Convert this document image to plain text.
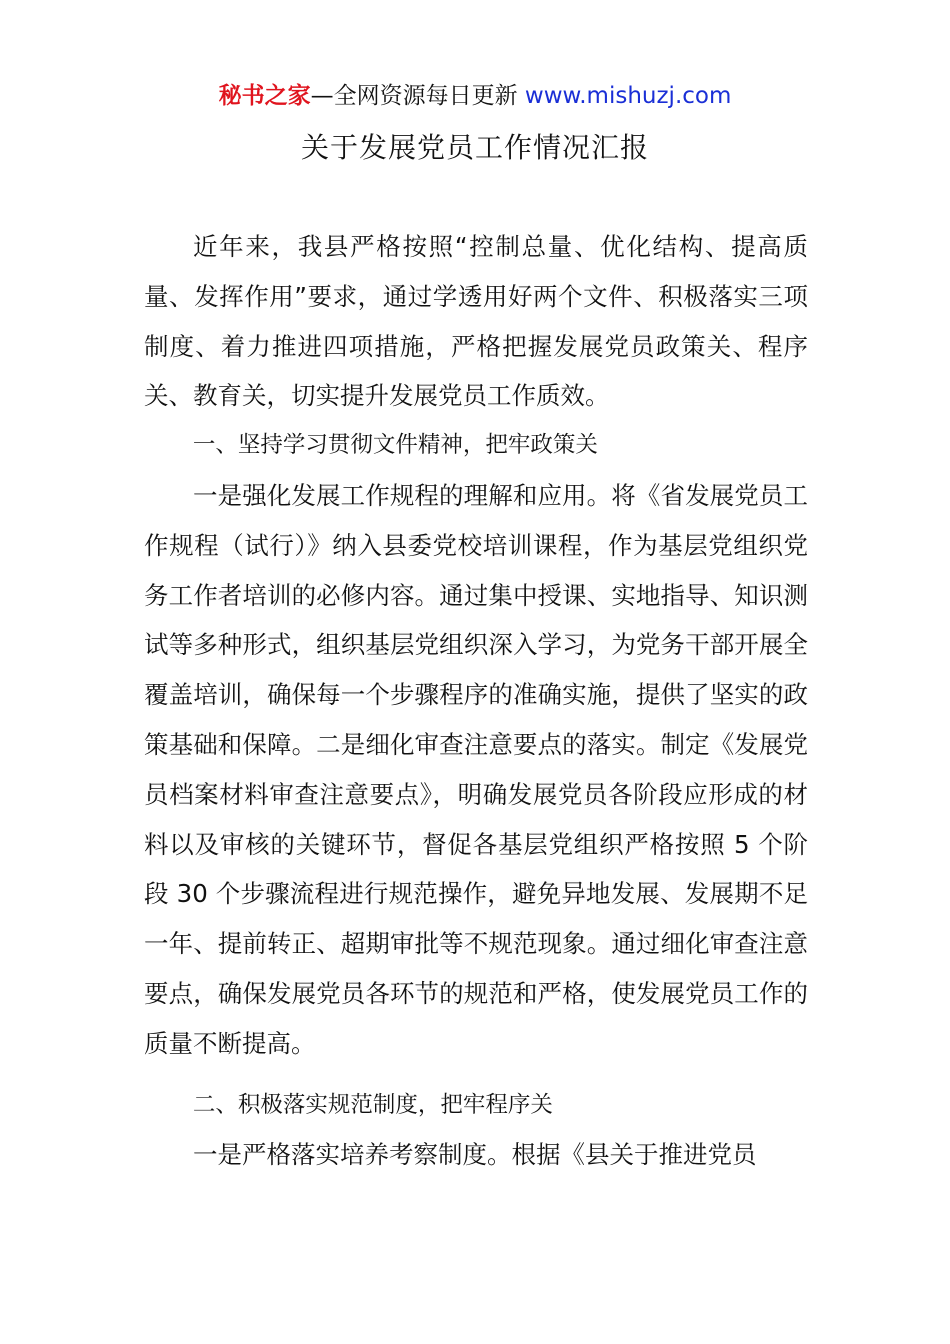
秘书之家—全网资源每日更新 www.mishuzj.com
关于发展党员工作情况汇报

近年来，我县严格按照“控制总量、优化结构、提高质量、发挥作用”要求，通过学透用好两个文件、积极落实三项制度、着力推进四项措施，严格把握发展党员政策关、程序关、教育关，切实提升发展党员工作质效。

一、坚持学习贯彻文件精神，把牢政策关

一是强化发展工作规程的理解和应用。将《省发展党员工作规程（试行）》纳入县委党校培训课程，作为基层党组织党务工作者培训的必修内容。通过集中授课、实地指导、知识测试等多种形式，组织基层党组织深入学习，为党务干部开展全覆盖培训，确保每一个步骤程序的准确实施，提供了坚实的政策基础和保障。二是细化审查注意要点的落实。制定《发展党员档案材料审查注意要点》，明确发展党员各阶段应形成的材料以及审核的关键环节，督促各基层党组织严格按照 5 个阶段 30 个步骤流程进行规范操作，避免异地发展、发展期不足一年、提前转正、超期审批等不规范现象。通过细化审查注意要点，确保发展党员各环节的规范和严格，使发展党员工作的质量不断提高。

二、积极落实规范制度，把牢程序关

一是严格落实培养考察制度。根据《县关于推进党员
